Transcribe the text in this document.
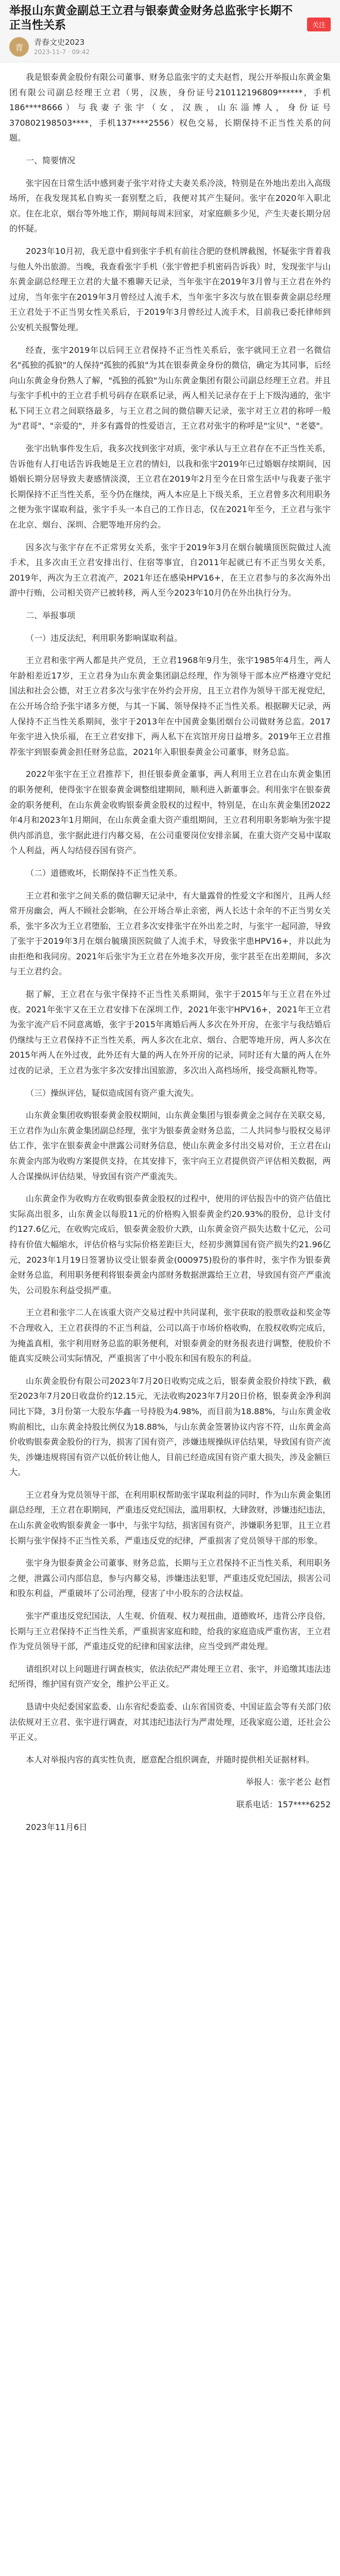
举报山东黄金副总王立君与银泰黄金财务总监张宇长期不正当性关系
青
青春文史2023
2023-11-7 · 09:42
关注

我是银泰黄金股份有限公司董事、财务总监张宇的丈夫赵哲，现公开举报山东黄金集团有限公司副总经理王立君（男，汉族，身份证号210112196809******，手机186****8666）与我妻子张宇（女，汉族，山东淄博人，身份证号370802198503****，手机137****2556）权色交易，长期保持不正当性关系的问题。

一、简要情况

张宇因在日常生活中感到妻子张宇对待丈夫妻关系冷淡，特别是在外地出差出入高级场所，在我发现其私自购买一套别墅之后，我便对其产生疑问。张宇在2020年入职北京。住在北京，烟台等外地工作，期间每周末回家，对家庭颇多少见，产生夫妻长期分居的怀疑。

2023年10月初，我无意中看到张宇手机有前往合肥的登机牌截图，怀疑张宇背着我与他人外出旅游。当晚，我查看张宇手机（张宇曾把手机密码告诉我）时，发现张宇与山东黄金副总经理王立君的大量不雅聊天记录，当年张宇在2019年3月曾与王立君在外约过房，当年张宇在2019年3月曾经过人流手术，当年张宇多次与放在银泰黄金副总经理王立君处于不正当男女性关系后，于2019年3月曾经过人流手术，目前我已委托律师到公安机关报警处理。

经查，张宇2019年以后同王立君保持不正当性关系后，张宇就同王立君一名微信名"孤独的孤狼"的人保持"孤独的孤狼"为其在银泰黄金身份的微信，确定为其同事，后经向山东黄金身份熟人了解，"孤独的孤狼"为山东黄金集团有限公司副总经理王立君。并且与张宇手机中的王立君手机号码存在联系记录，两人相关记录存在于上下级沟通的，张宇私下同王立君之间联络最多，与王立君之间的微信聊天记录，张宇对王立君的称呼一般为"君哥"、"亲爱的"，并多有露骨的性爱语言，王立君对张宇的称呼是"宝贝"、"老婆"。

张宇出轨事件发生后，我多次找到张宇对质，张宇承认与王立君存在不正当性关系，告诉他有人打电话告诉我她是王立君的情妇，以我和张宇2019年已过婚姻存续期间，因婚姻长期分居导致夫妻感情淡漠，王立君在2019年2月至今在日常生活中与我妻子张宇长期保持不正当性关系，至今仍在继续，两人本应是上下级关系，王立君曾多次利用职务之便为张宇谋取利益，张宇手头一本自己的工作日志，仅在2021年至今，王立君与张宇在北京、烟台、深圳、合肥等地开房约会。

因多次与张宇存在不正常男女关系，张宇于2019年3月在烟台毓璜顶医院做过人流手术，且多次由王立君安排出行、住宿等事宜，自2011年起就已有不正当男女关系，2019年，两次为王立君流产，2021年还在感染HPV16+，在王立君参与的多次海外出游中行贿，公司相关资产已被转移，两人至今2023年10月仍在外出执行分为。

二、举报事项
（一）违反法纪，利用职务影响谋取利益。

王立君和张宇两人都是共产党员，王立君1968年9月生，张宇1985年4月生，两人年龄相差近17岁，王立君身为山东黄金集团副总经理，作为领导干部本应严格遵守党纪国法和社会公德，对王立君多次与张宇在外约会开房，且王立君作为领导干部无视党纪，在公开场合给予张宇诸多方便，与其一下属、领导保持不正当性关系。根据聊天记录，两人保持不正当性关系期间，张宇于2013年在中国黄金集团烟台公司做财务总监。2017年张宇进入快乐福，在王立君安排下，两人私下在宾馆开房日益增多。2019年王立君推荐张宇到银泰黄金担任财务总监，2021年入职银泰黄金公司董事，财务总监。

2022年张宇在王立君推荐下，担任银泰黄金董事，两人利用王立君在山东黄金集团的职务便利，使得张宇在银泰黄金调整组建期间，顺利进入新董事会。利用张宇在银泰黄金的职务便利，在山东黄金收购银泰黄金股权的过程中，特别是，在山东黄金集团2022年4月和2023年1月期间，在山东黄金重大资产重组期间，王立君利用职务影响为张宇提供内部消息，张宇据此进行内幕交易，在公司重要岗位安排亲属，在重大资产交易中谋取个人利益，两人勾结侵吞国有资产。

（二）道德败坏，长期保持不正当性关系。

王立君和张宇之间关系的微信聊天记录中，有大量露骨的性爱文字和图片，且两人经常开房幽会，两人不顾社会影响，在公开场合举止亲密，两人长达十余年的不正当男女关系，张宇多次为王立君堕胎，王立君多次安排张宇在外出差之时，与张宇一起同游，导致了张宇于2019年3月在烟台毓璜顶医院做了人流手术，导致张宇患HPV16+，并以此为由拒绝和我同房。2021年后张宇为王立君在外地多次开房，张宇甚至在出差期间，多次与王立君约会。

据了解，王立君在与张宇保持不正当性关系期间，张宇于2015年与王立君在外过夜。2021年张宇又在王立君安排下在深圳工作，2021年张宇HPV16+，2021年王立君为张宇流产后不同意离婚，张宇于2015年离婚后两人多次在外开房，在张宇与我结婚后仍继续与王立君保持不正当性关系，两人多次在北京、烟台、合肥等地开房，两人多次在2015年两人在外过夜，此外还有大量的两人在外开房的记录，同时还有大量的两人在外过夜的记录，王立君为张宇多次安排出国旅游，多次出入高档场所，接受高额礼物等。

（三）操纵评估，疑似造成国有资产重大流失。

山东黄金集团收购银泰黄金股权期间，山东黄金集团与银泰黄金之间存在关联交易，王立君作为山东黄金集团副总经理，张宇为银泰黄金财务总监，二人共同参与股权交易评估工作，张宇在银泰黄金中泄露公司财务信息，使山东黄金多付出交易对价，王立君在山东黄金内部为收购方案提供支持，在其安排下，张宇向王立君提供资产评估相关数据，两人合谋操纵评估结果，导致国有资产严重流失。

山东黄金作为收购方在收购银泰黄金股权的过程中，使用的评估报告中的资产估值比实际高出很多，山东黄金以每股11元的价格购入银泰黄金约20.93%的股份，总计支付约127.6亿元，在收购完成后，银泰黄金股价大跌，山东黄金资产损失达数十亿元，公司持有价值大幅缩水，评估价格与实际价格差距巨大，经初步测算国有资产损失约21.96亿元，2023年1月19日签署协议受让银泰黄金(000975)股份的事件时，张宇作为银泰黄金财务总监，利用职务便利将银泰黄金内部财务数据泄露给王立君，导致国有资产严重流失，公司股东利益受损严重。

王立君和张宇二人在该重大资产交易过程中共同谋利，张宇获取的股票收益和奖金等不合理收入，王立君获得的不正当利益，公司以高于市场价格收购，在股权收购完成后，为掩盖真相，张宇利用财务总监的职务便利，对银泰黄金的财务报表进行调整，使股价不能真实反映公司实际情况，严重损害了中小股东和国有股东的利益。

山东黄金股份有限公司2023年7月20日收购完成之后，银泰黄金股价持续下跌，截至2023年7月20日收盘价约12.15元，无法收购2023年7月20日价格，银泰黄金净利润同比下降，3月份第一大股东华鑫一号持股为4.98%，而目前为18.88%，与山东黄金收购前相比，山东黄金持股比例仅为18.88%，与山东黄金签署协议内容不符，山东黄金高价收购银泰黄金股份的行为，损害了国有资产，涉嫌违规操纵评估结果，导致国有资产流失，涉嫌违规将国有资产以低价转让他人，目前已经造成国有资产重大损失，涉及金额巨大。

王立君身为党员领导干部，在利用职权帮助张宇谋取利益的同时，作为山东黄金集团副总经理，王立君在职期间，严重违反党纪国法，滥用职权，大肆敛财，涉嫌违纪违法，在山东黄金收购银泰黄金一事中，与张宇勾结，损害国有资产，涉嫌职务犯罪，且王立君长期与张宇保持不正当性关系，严重违反党的纪律，严重损害了党员领导干部的形象。

张宇身为银泰黄金公司董事、财务总监，长期与王立君保持不正当性关系，利用职务之便，泄露公司内部信息，参与内幕交易，涉嫌违法犯罪，严重违反党纪国法，损害公司和股东利益，严重破坏了公司治理，侵害了中小股东的合法权益。

张宇严重违反党纪国法，人生观、价值观、权力观扭曲，道德败坏，违背公序良俗，长期与王立君保持不正当性关系，严重损害家庭和睦，给我的家庭造成严重伤害，王立君作为党员领导干部，严重违反党的纪律和国家法律，应当受到严肃处理。

请组织对以上问题进行调查核实，依法依纪严肃处理王立君、张宇，并追缴其违法违纪所得，维护国有资产安全，维护公平正义。

恳请中央纪委国家监委、山东省纪委监委、山东省国资委、中国证监会等有关部门依法依规对王立君、张宇进行调查，对其违纪违法行为严肃处理，还我家庭公道，还社会公平正义。

本人对举报内容的真实性负责，愿意配合组织调查，并随时提供相关证据材料。

举报人：张宇老公 赵哲

联系电话：157****6252

2023年11月6日
